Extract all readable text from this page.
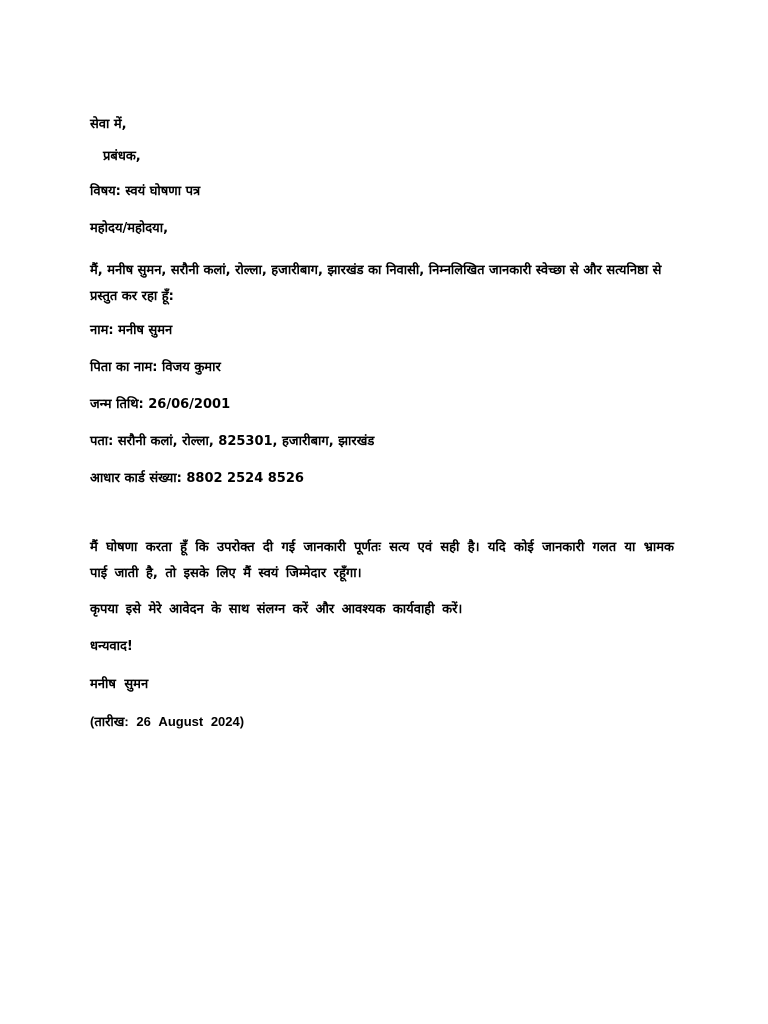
सेवा में,
प्रबंधक,
विषय: स्वयं घोषणा पत्र
महोदय/महोदया,
मैं, मनीष सुमन, सरौनी कलां, रोल्ला, हजारीबाग, झारखंड का निवासी, निम्नलिखित जानकारी स्वेच्छा से और सत्यनिष्ठा से प्रस्तुत कर रहा हूँ:
नाम: मनीष सुमन
पिता का नाम: विजय कुमार
जन्म तिथि: 26/06/2001
पता: सरौनी कलां, रोल्ला, 825301, हजारीबाग, झारखंड
आधार कार्ड संख्या: 8802 2524 8526
मैं घोषणा करता हूँ कि उपरोक्त दी गई जानकारी पूर्णतः सत्य एवं सही है। यदि कोई जानकारी गलत या भ्रामक पाई जाती है, तो इसके लिए मैं स्वयं जिम्मेदार रहूँगा।
कृपया इसे मेरे आवेदन के साथ संलग्न करें और आवश्यक कार्यवाही करें।
धन्यवाद!
मनीष सुमन
(तारीख: 26 August 2024)
